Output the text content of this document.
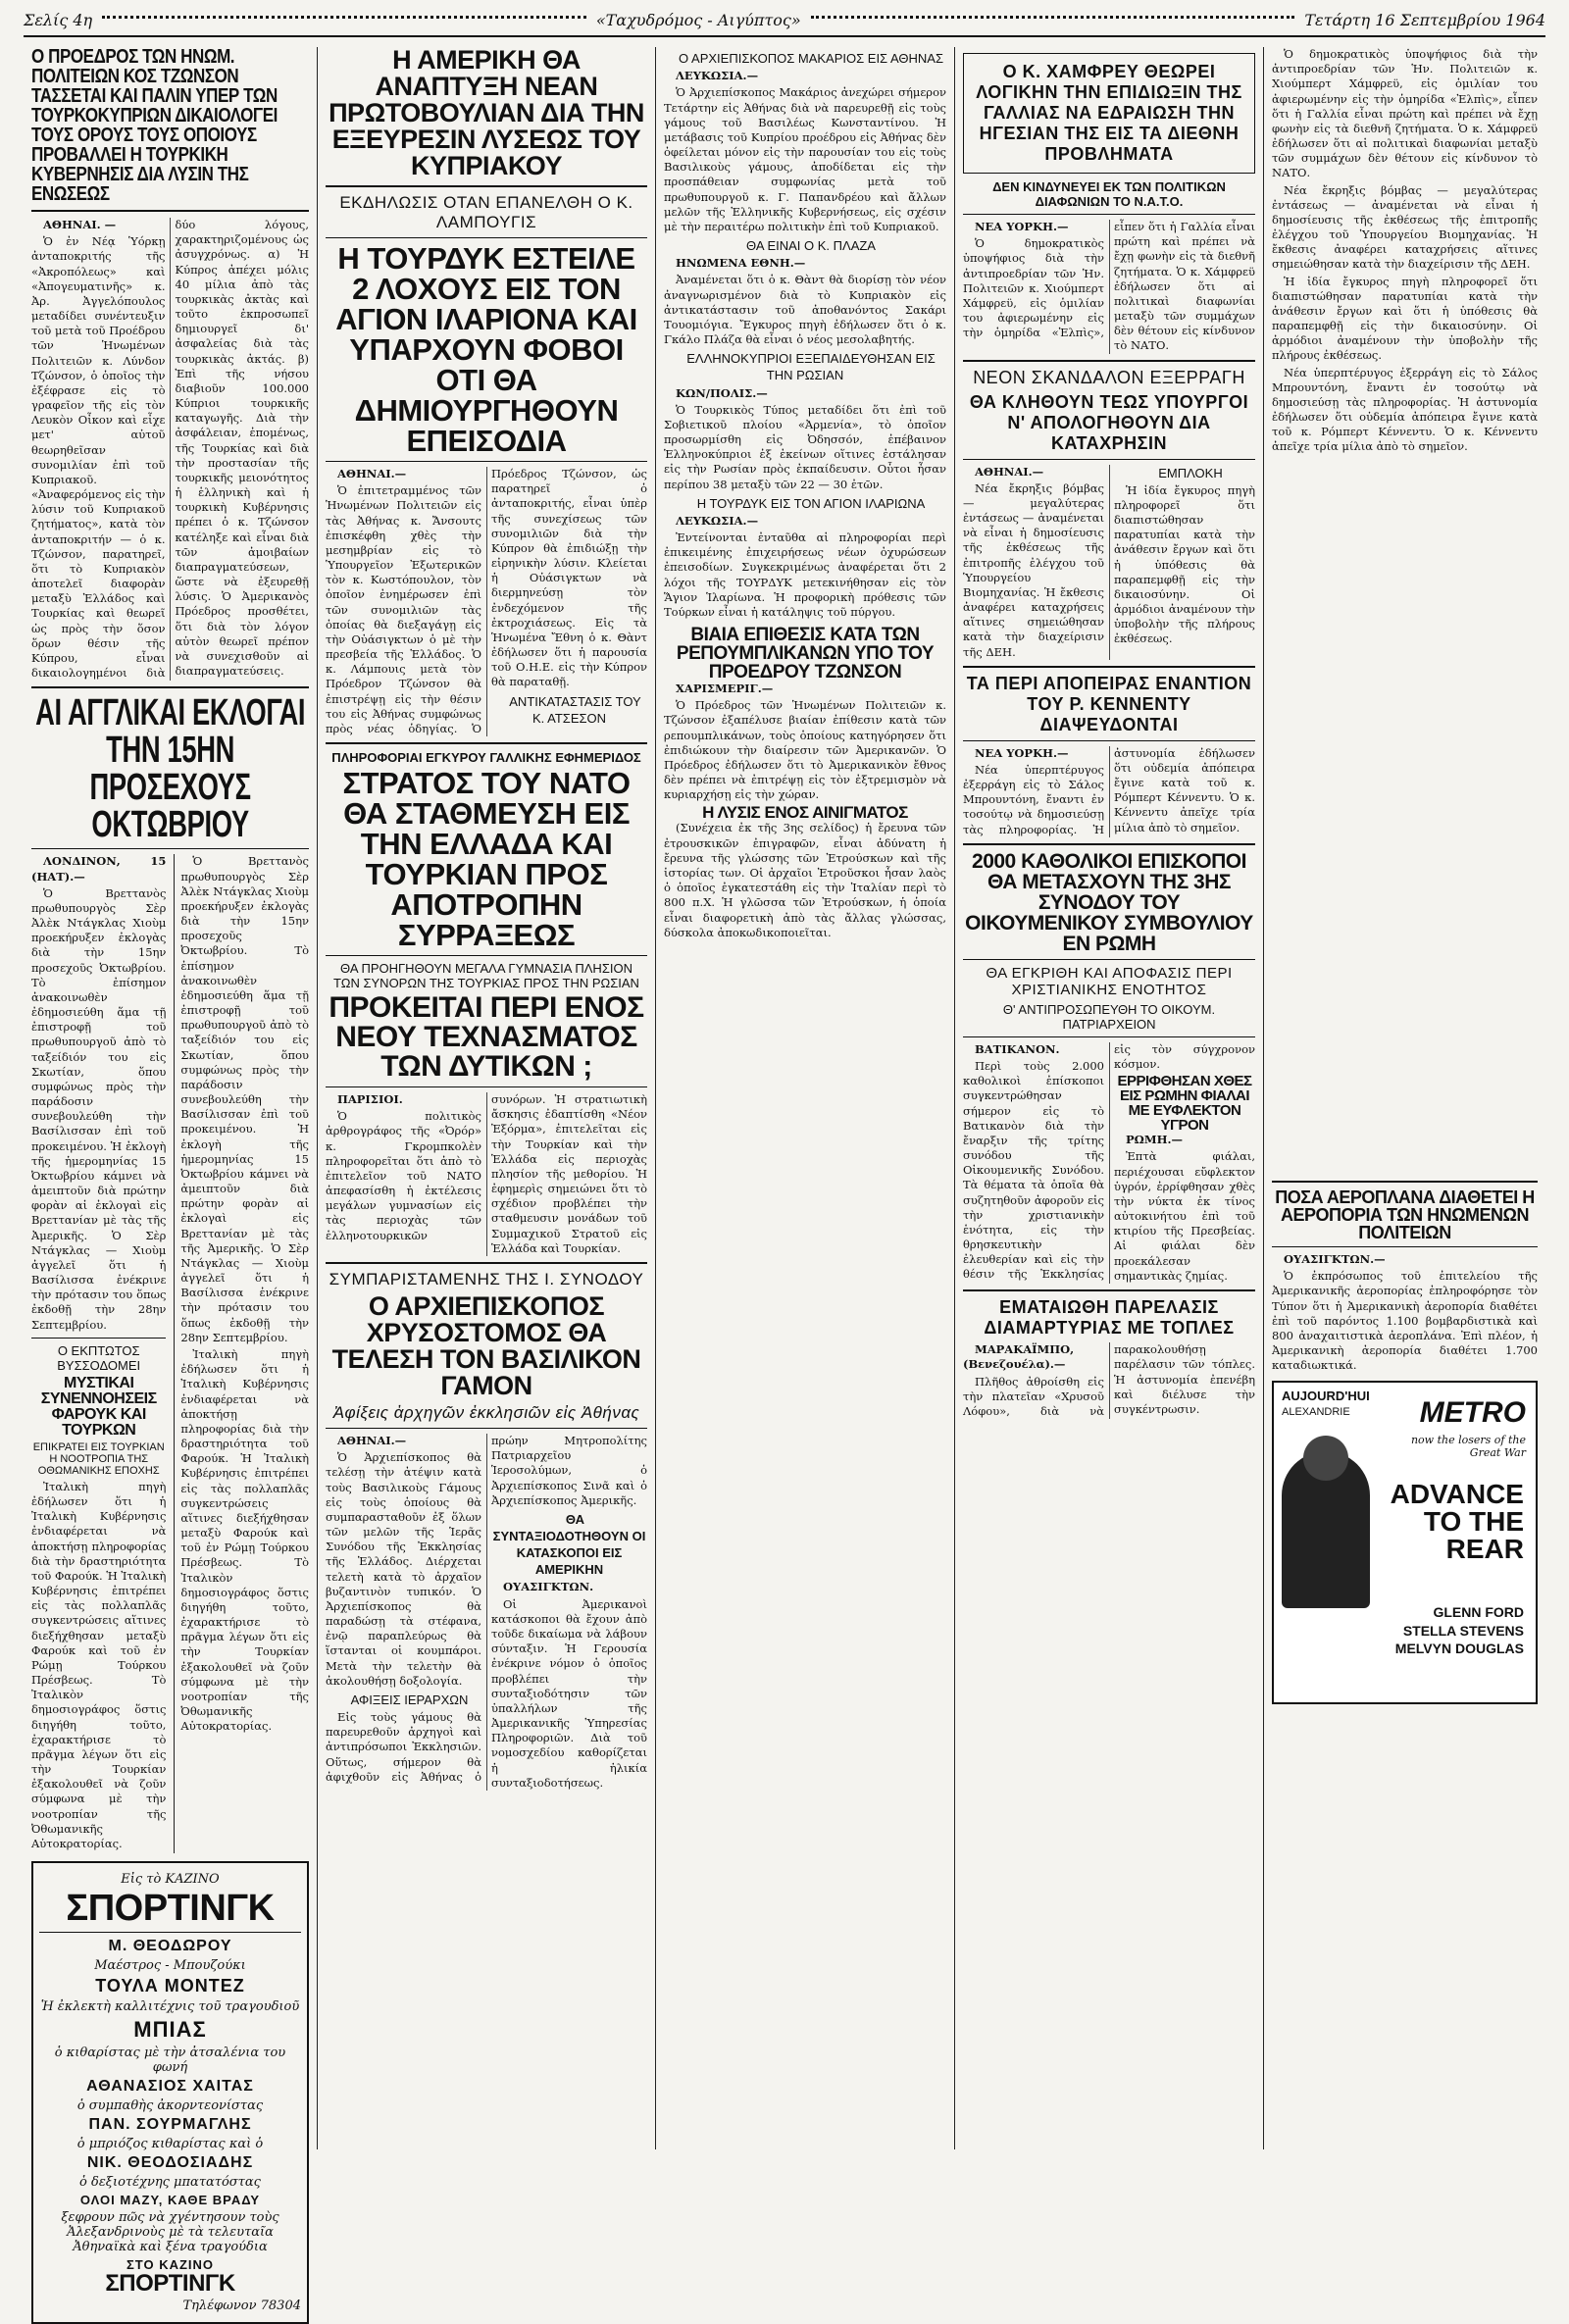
Σελίς 4η	«Ταχυδρόμος - Αιγύπτος»	Τετάρτη 16 Σεπτεμβρίου 1964
Ο ΠΡΟΕΔΡΟΣ ΤΩΝ ΗΝΩΜ. ΠΟΛΙΤΕΙΩΝ ΚΟΣ ΤΖΩΝΣΟΝ ΤΑΣΣΕΤΑΙ ΚΑΙ ΠΑΛΙΝ ΥΠΕΡ ΤΩΝ ΤΟΥΡΚΟΚΥΠΡΙΩΝ ΔΙΚΑΙΟΛΟΓΕΙ ΤΟΥΣ ΟΡΟΥΣ ΤΟΥΣ ΟΠΟΙΟΥΣ ΠΡΟΒΑΛΛΕΙ Η ΤΟΥΡΚΙΚΗ ΚΥΒΕΡΝΗΣΙΣ ΔΙΑ ΛΥΣΙΝ ΤΗΣ ΕΝΩΣΕΩΣ

ΑΘΗΝΑΙ. —

Ὁ ἐν Νέᾳ Ὑόρκῃ ἀνταποκριτής τῆς «Ἀκροπόλεως» καὶ «Ἀπογευματινῆς» κ. Ἀρ. Ἀγγελόπουλος μεταδίδει συνέντευξιν τοῦ μετὰ τοῦ Προέδρου τῶν Ἡνωμένων Πολιτειῶν κ. Λύνδον Τζώνσον, ὁ ὁποῖος τὴν ἐξέφρασε εἰς τὸ γραφεῖον τῆς εἰς τὸν Λευκὸν Οἶκον καὶ εἶχε μετ' αὐτοῦ θεωρηθεῖσαν συνομιλίαν ἐπὶ τοῦ Κυπριακοῦ. «Ἀναφερόμενος εἰς τὴν λύσιν τοῦ Κυπριακοῦ ζητήματος», κατὰ τὸν ἀνταποκριτήν — ὁ κ. Τζώνσον, παρατηρεῖ, ὅτι τὸ Κυπριακὸν ἀποτελεῖ διαφορὰν μεταξὺ Ἑλλάδος καὶ Τουρκίας καὶ θεωρεῖ ὡς πρὸς τὴν ὅσον ὅρων θέσιν τῆς Κύπρου, εἶναι δικαιολογημένοι διὰ δύο λόγους, χαρακτηριζομένους ὡς ἀσυγχρόνως. α) Ἡ Κύπρος ἀπέχει μόλις 40 μίλια ἀπὸ τὰς τουρκικὰς ἀκτὰς καὶ τοῦτο ἐκπροσωπεῖ δημιουργεῖ δι' ἀσφαλείας διὰ τὰς τουρκικὰς ἀκτάς. β) Ἐπὶ τῆς νήσου διαβιοῦν 100.000 Κύπριοι τουρκικῆς καταγωγῆς. Διὰ τὴν ἀσφάλειαν, ἐπομένως, τῆς Τουρκίας καὶ διὰ τὴν προστασίαν τῆς τουρκικῆς μειονότητος ἡ ἑλληνικὴ καὶ ἡ τουρκικὴ Κυβέρνησις πρέπει ὁ κ. Τζώνσον κατέληξε καὶ εἶναι διὰ τῶν ἀμοιβαίων διαπραγματεύσεων, ὥστε νὰ ἐξευρεθῇ λύσις. Ὁ Ἀμερικανὸς Πρόεδρος προσθέτει, ὅτι διὰ τὸν λόγον αὐτὸν θεωρεῖ πρέπον νὰ συνεχισθοῦν αἱ διαπραγματεύσεις.

ΑΙ ΑΓΓΛΙΚΑΙ ΕΚΛΟΓΑΙ ΤΗΝ 15ΗΝ ΠΡΟΣΕΧΟΥΣ ΟΚΤΩΒΡΙΟΥ

ΛΟΝΔΙΝΟΝ, 15 (ΗΑΤ).—

Ὁ Βρεττανὸς πρωθυπουργὸς Σὲρ Ἀλὲκ Ντάγκλας Χιοὺμ προεκήρυξεν ἐκλογὰς διὰ τὴν 15ην προσεχοῦς Ὀκτωβρίου. Τὸ ἐπίσημον ἀνακοινωθὲν ἐδημοσιεύθη ἅμα τῇ ἐπιστροφῇ τοῦ πρωθυπουργοῦ ἀπὸ τὸ ταξείδιόν του εἰς Σκωτίαν, ὅπου συμφώνως πρὸς τὴν παράδοσιν συνεβουλεύθη τὴν Βασίλισσαν ἐπὶ τοῦ προκειμένου. Ἡ ἐκλογὴ τῆς ἡμερομηνίας 15 Ὀκτωβρίου κάμνει νὰ ἀμειπτοῦν διὰ πρώτην φορὰν αἱ ἐκλογαὶ εἰς Βρεττανίαν μὲ τὰς τῆς Ἀμερικῆς. Ὁ Σὲρ Ντάγκλας — Χιοὺμ ἀγγελεῖ ὅτι ἡ Βασίλισσα ἐνέκρινε τὴν πρότασιν του ὅπως ἐκδοθῇ τὴν 28ην Σεπτεμβρίου.

Ο ΕΚΠΤΩΤΟΣ ΒΥΣΣΟΔΟΜΕΙ
ΜΥΣΤΙΚΑΙ ΣΥΝΕΝΝΟΗΣΕΙΣ ΦΑΡΟΥΚ ΚΑΙ ΤΟΥΡΚΩΝ
ΕΠΙΚΡΑΤΕΙ ΕΙΣ ΤΟΥΡΚΙΑΝ Η ΝΟΟΤΡΟΠΙΑ ΤΗΣ ΟΘΩΜΑΝΙΚΗΣ ΕΠΟΧΗΣ

Ἰταλικὴ πηγὴ ἐδήλωσεν ὅτι ἡ Ἰταλικὴ Κυβέρνησις ἐνδιαφέρεται νὰ ἀποκτήσῃ πληροφορίας διὰ τὴν δραστηριότητα τοῦ Φαρούκ. Ἡ Ἰταλικὴ Κυβέρνησις ἐπιτρέπει εἰς τὰς πολλαπλᾶς συγκεντρώσεις αἵτινες διεξήχθησαν μεταξὺ Φαρούκ καὶ τοῦ ἐν Ρώμῃ Τούρκου Πρέσβεως. Τὸ Ἰταλικὸν δημοσιογράφος ὅστις διηγήθη τοῦτο, ἐχαρακτήρισε τὸ πρᾶγμα λέγων ὅτι εἰς τὴν Τουρκίαν ἐξακολουθεῖ νὰ ζοῦν σύμφωνα μὲ τὴν νοοτροπίαν τῆς Ὀθωμανικῆς Αὐτοκρατορίας.

Ὁ Βρεττανὸς πρωθυπουργὸς Σὲρ Ἀλὲκ Ντάγκλας Χιοὺμ προεκήρυξεν ἐκλογὰς διὰ τὴν 15ην προσεχοῦς Ὀκτωβρίου. Τὸ ἐπίσημον ἀνακοινωθὲν ἐδημοσιεύθη ἅμα τῇ ἐπιστροφῇ τοῦ πρωθυπουργοῦ ἀπὸ τὸ ταξείδιόν του εἰς Σκωτίαν, ὅπου συμφώνως πρὸς τὴν παράδοσιν συνεβουλεύθη τὴν Βασίλισσαν ἐπὶ τοῦ προκειμένου. Ἡ ἐκλογὴ τῆς ἡμερομηνίας 15 Ὀκτωβρίου κάμνει νὰ ἀμειπτοῦν διὰ πρώτην φορὰν αἱ ἐκλογαὶ εἰς Βρεττανίαν μὲ τὰς τῆς Ἀμερικῆς. Ὁ Σὲρ Ντάγκλας — Χιοὺμ ἀγγελεῖ ὅτι ἡ Βασίλισσα ἐνέκρινε τὴν πρότασιν του ὅπως ἐκδοθῇ τὴν 28ην Σεπτεμβρίου.

Ἰταλικὴ πηγὴ ἐδήλωσεν ὅτι ἡ Ἰταλικὴ Κυβέρνησις ἐνδιαφέρεται νὰ ἀποκτήσῃ πληροφορίας διὰ τὴν δραστηριότητα τοῦ Φαρούκ. Ἡ Ἰταλικὴ Κυβέρνησις ἐπιτρέπει εἰς τὰς πολλαπλᾶς συγκεντρώσεις αἵτινες διεξήχθησαν μεταξὺ Φαρούκ καὶ τοῦ ἐν Ρώμῃ Τούρκου Πρέσβεως. Τὸ Ἰταλικὸν δημοσιογράφος ὅστις διηγήθη τοῦτο, ἐχαρακτήρισε τὸ πρᾶγμα λέγων ὅτι εἰς τὴν Τουρκίαν ἐξακολουθεῖ νὰ ζοῦν σύμφωνα μὲ τὴν νοοτροπίαν τῆς Ὀθωμανικῆς Αὐτοκρατορίας.

Εἰς τὸ ΚΑΖΙΝΟ
ΣΠΟΡΤΙΝΓΚ
Μ. ΘΕΟΔΩΡΟΥ
Μαέστρος - Μπουζούκι
ΤΟΥΛΑ ΜΟΝΤΕΖ
Ἡ ἐκλεκτὴ καλλιτέχνις τοῦ τραγουδιοῦ
ΜΠΙΑΣ
ὁ κιθαρίστας μὲ τὴν ἀτσαλένια του φωνή
ΑΘΑΝΑΣΙΟΣ ΧΑΙΤΑΣ
ὁ συμπαθὴς ἀκορντεονίστας
ΠΑΝ. ΣΟΥΡΜΑΓΛΗΣ
ὁ μπριόζος κιθαρίστας καὶ ὁ
ΝΙΚ. ΘΕΟΔΟΣΙΑΔΗΣ
ὁ δεξιοτέχνης μπατατόστας
ΟΛΟΙ ΜΑΖΥ, ΚΑΘΕ ΒΡΑΔΥ
ξεφρουν πῶς νὰ χγέντησουν τοὺς Ἀλεξανδρινοὺς μὲ τὰ τελευταῖα Ἀθηναϊκὰ καὶ ξένα τραγούδια
ΣΤΟ ΚΑΖΙΝΟ
ΣΠΟΡΤΙΝΓΚ
Τηλέφωνον 78304
Η ΑΜΕΡΙΚΗ ΘΑ ΑΝΑΠΤΥΞΗ ΝΕΑΝ ΠΡΩΤΟΒΟΥΛΙΑΝ ΔΙΑ ΤΗΝ ΕΞΕΥΡΕΣΙΝ ΛΥΣΕΩΣ ΤΟΥ ΚΥΠΡΙΑΚΟΥ
ΕΚΔΗΛΩΣΙΣ ΟΤΑΝ ΕΠΑΝΕΛΘΗ Ο Κ. ΛΑΜΠΟΥΓΙΣ
Η ΤΟΥΡΔΥΚ ΕΣΤΕΙΛΕ 2 ΛΟΧΟΥΣ ΕΙΣ ΤΟΝ ΑΓΙΟΝ ΙΛΑΡΙΟΝΑ ΚΑΙ ΥΠΑΡΧΟΥΝ ΦΟΒΟΙ ΟΤΙ ΘΑ ΔΗΜΙΟΥΡΓΗΘΟΥΝ ΕΠΕΙΣΟΔΙΑ

ΑΘΗΝΑΙ.—

Ὁ ἐπιτετραμμένος τῶν Ἡνωμένων Πολιτειῶν εἰς τὰς Ἀθήνας κ. Ἄνσουτς ἐπισκέφθη χθὲς τὴν μεσημβρίαν εἰς τὸ Ὑπουργεῖον Ἐξωτερικῶν τὸν κ. Κωστόπουλον, τὸν ὁποῖον ἐνημέρωσεν ἐπὶ τῶν συνομιλιῶν τὰς ὁποίας θὰ διεξαγάγῃ εἰς τὴν Οὐάσιγκτων ὁ μὲ τὴν πρεσβεία τῆς Ἑλλάδος. Ὁ κ. Λάμπουις μετὰ τὸν Πρόεδρον Τζώνσον θὰ ἐπιστρέψῃ εἰς τὴν θέσιν του εἰς Ἀθήνας συμφώνως πρὸς νέας ὁδηγίας. Ὁ Πρόεδρος Τζώνσον, ὡς παρατηρεῖ ὁ ἀνταποκριτής, εἶναι ὑπὲρ τῆς συνεχίσεως τῶν συνομιλιῶν διὰ τὴν Κύπρον θὰ ἐπιδιώξῃ τὴν εἰρηνικὴν λύσιν. Κλείεται ἡ Οὐάσιγκτων νὰ διερμηνεύσῃ τὸν ἐνδεχόμενον τῆς ἐκτροχιάσεως. Εἰς τὰ Ἡνωμένα Ἔθνη ὁ κ. Θὰντ ἐδήλωσεν ὅτι ἡ παρουσία τοῦ Ο.Η.Ε. εἰς τὴν Κύπρον θὰ παραταθῇ.

ΑΝΤΙΚΑΤΑΣΤΑΣΙΣ ΤΟΥ Κ. ΑΤΣΕΣΟΝ

ΠΛΗΡΟΦΟΡΙΑΙ ΕΓΚΥΡΟΥ ΓΑΛΛΙΚΗΣ ΕΦΗΜΕΡΙΔΟΣ
ΣΤΡΑΤΟΣ ΤΟΥ ΝΑΤΟ ΘΑ ΣΤΑΘΜΕΥΣΗ ΕΙΣ ΤΗΝ ΕΛΛΑΔΑ ΚΑΙ ΤΟΥΡΚΙΑΝ ΠΡΟΣ ΑΠΟΤΡΟΠΗΝ ΣΥΡΡΑΞΕΩΣ
ΘΑ ΠΡΟΗΓΗΘΟΥΝ ΜΕΓΑΛΑ ΓΥΜΝΑΣΙΑ ΠΛΗΣΙΟΝ ΤΩΝ ΣΥΝΟΡΩΝ ΤΗΣ ΤΟΥΡΚΙΑΣ ΠΡΟΣ ΤΗΝ ΡΩΣΙΑΝ
ΠΡΟΚΕΙΤΑΙ ΠΕΡΙ ΕΝΟΣ ΝΕΟΥ ΤΕΧΝΑΣΜΑΤΟΣ ΤΩΝ ΔΥΤΙΚΩΝ ;

ΠΑΡΙΣΙΟΙ.

Ὁ πολιτικὸς ἀρθρογράφος τῆς «Ὀρόρ» κ. Γκρομπκολὲν πληροφορεῖται ὅτι ἀπὸ τὸ ἐπιτελεῖον τοῦ ΝΑΤΟ ἀπεφασίσθη ἡ ἐκτέλεσις μεγάλων γυμνασίων εἰς τὰς περιοχὰς τῶν ἑλληνοτουρκικῶν συνόρων. Ἡ στρατιωτικὴ ἄσκησις ἐδαπτίσθη «Νέον Ἐξόρμα», ἐπιτελεῖται εἰς τὴν Τουρκίαν καὶ τὴν Ἑλλάδα εἰς περιοχὰς πλησίον τῆς μεθορίου. Ἡ ἐφημερὶς σημειώνει ὅτι τὸ σχέδιον προβλέπει τὴν σταθμευσιν μονάδων τοῦ Συμμαχικοῦ Στρατοῦ εἰς Ἑλλάδα καὶ Τουρκίαν.

ΣΥΜΠΑΡΙΣΤΑΜΕΝΗΣ ΤΗΣ Ι. ΣΥΝΟΔΟΥ
Ο ΑΡΧΙΕΠΙΣΚΟΠΟΣ ΧΡΥΣΟΣΤΟΜΟΣ ΘΑ ΤΕΛΕΣΗ ΤΟΝ ΒΑΣΙΛΙΚΟΝ ΓΑΜΟΝ
Ἀφίξεις ἀρχηγῶν ἐκκλησιῶν εἰς Ἀθήνας

ΑΘΗΝΑΙ.—

Ὁ Ἀρχιεπίσκοπος θὰ τελέσῃ τὴν ἀτέψιν κατὰ τοὺς Βασιλικοὺς Γάμους εἰς τοὺς ὁποίους θὰ συμπαρασταθοῦν ἐξ ὅλων τῶν μελῶν τῆς Ἱερᾶς Συνόδου τῆς Ἐκκλησίας τῆς Ἑλλάδος. Διέρχεται τελετὴ κατὰ τὸ ἀρχαῖον βυζαντινὸν τυπικόν. Ὁ Ἀρχιεπίσκοπος θὰ παραδώσῃ τὰ στέφανα, ἐνῷ παραπλεύρως θὰ ἵστανται οἱ κουμπάροι. Μετὰ τὴν τελετὴν θὰ ἀκολουθήσῃ δοξολογία.

ΑΦΙΞΕΙΣ ΙΕΡΑΡΧΩΝ

Εἰς τοὺς γάμους θὰ παρευρεθοῦν ἀρχηγοὶ καὶ ἀντιπρόσωποι Ἐκκλησιῶν. Οὕτως, σήμερον θὰ ἀφιχθοῦν εἰς Ἀθήνας ὁ πρώην Μητροπολίτης Πατριαρχεῖου Ἱεροσολύμων, ὁ Ἀρχιεπίσκοπος Σινᾶ καὶ ὁ Ἀρχιεπίσκοπος Ἀμερικῆς.

ΘΑ ΣΥΝΤΑΞΙΟΔΟΤΗΘΟΥΝ ΟΙ ΚΑΤΑΣΚΟΠΟΙ ΕΙΣ ΑΜΕΡΙΚΗΝ

ΟΥΑΣΙΓΚΤΩΝ.

Οἱ Ἀμερικανοὶ κατάσκοποι θὰ ἔχουν ἀπὸ τοῦδε δικαίωμα νὰ λάβουν σύνταξιν. Ἡ Γερουσία ἐνέκρινε νόμον ὁ ὁποῖος προβλέπει τὴν συνταξιοδότησιν τῶν ὑπαλλήλων τῆς Ἀμερικανικῆς Ὑπηρεσίας Πληροφοριῶν. Διὰ τοῦ νομοσχεδίου καθορίζεται ἡ ἡλικία συνταξιοδοτήσεως.

Ο ΑΡΧΙΕΠΙΣΚΟΠΟΣ ΜΑΚΑΡΙΟΣ ΕΙΣ ΑΘΗΝΑΣ

ΛΕΥΚΩΣΙΑ.—

Ὁ Ἀρχιεπίσκοπος Μακάριος ἀνεχώρει σήμερον Τετάρτην εἰς Ἀθήνας διὰ νὰ παρευρεθῇ εἰς τοὺς γάμους τοῦ Βασιλέως Κωνσταντίνου. Ἡ μετάβασις τοῦ Κυπρίου προέδρου εἰς Ἀθήνας δὲν ὀφείλεται μόνον εἰς τὴν παρουσίαν του εἰς τοὺς Βασιλικοὺς γάμους, ἀποδίδεται εἰς τὴν προσπάθειαν συμφωνίας μετὰ τοῦ πρωθυπουργοῦ κ. Γ. Παπανδρέου καὶ ἄλλων μελῶν τῆς Ἑλληνικῆς Κυβερνήσεως, εἰς σχέσιν μὲ τὴν περαιτέρω πολιτικὴν ἐπὶ τοῦ Κυπριακοῦ.

ΘΑ ΕΙΝΑΙ Ο Κ. ΠΛΑΖΑ

ΗΝΩΜΕΝΑ ΕΘΝΗ.—

Ἀναμένεται ὅτι ὁ κ. Θὰντ θὰ διορίσῃ τὸν νέον ἀναγνωρισμένον διὰ τὸ Κυπριακὸν εἰς ἀντικατάστασιν τοῦ ἀποθανόντος Σακάρι Τουομιόγια. Ἔγκυρος πηγὴ ἐδήλωσεν ὅτι ὁ κ. Γκάλο Πλάζα θὰ εἶναι ὁ νέος μεσολαβητής.

ΕΛΛΗΝΟΚΥΠΡΙΟΙ ΕΞΕΠΑΙΔΕΥΘΗΣΑΝ ΕΙΣ ΤΗΝ ΡΩΣΙΑΝ

ΚΩΝ/ΠΟΛΙΣ.—

Ὁ Τουρκικὸς Τύπος μεταδίδει ὅτι ἐπὶ τοῦ Σοβιετικοῦ πλοίου «Ἀρμενία», τὸ ὁποῖον προσωρμίσθη εἰς Ὀδησσόν, ἐπέβαινον Ἑλληνοκύπριοι ἐξ ἐκείνων οἵτινες ἐστάλησαν εἰς τὴν Ρωσίαν πρὸς ἐκπαίδευσιν. Οὗτοι ἦσαν περίπου 38 μεταξὺ τῶν 22 — 30 ἐτῶν.

Η ΤΟΥΡΔΥΚ ΕΙΣ ΤΟΝ ΑΓΙΟΝ ΙΛΑΡΙΩΝΑ

ΛΕΥΚΩΣΙΑ.—

Ἐντείνονται ἐνταῦθα αἱ πληροφορίαι περὶ ἐπικειμένης ἐπιχειρήσεως νέων ὀχυρώσεων ἐπεισοδίων. Συγκεκριμένως ἀναφέρεται ὅτι 2 λόχοι τῆς ΤΟΥΡΔΥΚ μετεκινήθησαν εἰς τὸν Ἅγιον Ἱλαρίωνα. Ἡ προφορικὴ πρόθεσις τῶν Τούρκων εἶναι ἡ κατάληψις τοῦ πύργου.

ΒΙΑΙΑ ΕΠΙΘΕΣΙΣ ΚΑΤΑ ΤΩΝ ΡΕΠΟΥΜΠΛΙΚΑΝΩΝ ΥΠΟ ΤΟΥ ΠΡΟΕΔΡΟΥ ΤΖΩΝΣΟΝ

ΧΑΡΙΣΜΕΡΙΓ.—

Ὁ Πρόεδρος τῶν Ἡνωμένων Πολιτειῶν κ. Τζώνσον ἐξαπέλυσε βιαίαν ἐπίθεσιν κατὰ τῶν ρεπουμπλικάνων, τοὺς ὁποίους κατηγόρησεν ὅτι ἐπιδιώκουν τὴν διαίρεσιν τῶν Ἀμερικανῶν. Ὁ Πρόεδρος ἐδήλωσεν ὅτι τὸ Ἀμερικανικὸν ἔθνος δὲν πρέπει νὰ ἐπιτρέψῃ εἰς τὸν ἐξτρεμισμὸν νὰ κυριαρχήσῃ εἰς τὴν χώραν.

Η ΛΥΣΙΣ ΕΝΟΣ ΑΙΝΙΓΜΑΤΟΣ

(Συνέχεια ἐκ τῆς 3ης σελίδος) ἡ ἔρευνα τῶν ἐτρουσκικῶν ἐπιγραφῶν, εἶναι ἀδύνατη ἡ ἔρευνα τῆς γλώσσης τῶν Ἐτρούσκων καὶ τῆς ἱστορίας των. Οἱ ἀρχαῖοι Ἐτροῦσκοι ἦσαν λαὸς ὁ ὁποῖος ἐγκατεστάθη εἰς τὴν Ἰταλίαν περὶ τὸ 800 π.Χ. Ἡ γλῶσσα τῶν Ἐτρούσκων, ἡ ὁποία εἶναι διαφορετικὴ ἀπὸ τὰς ἄλλας γλώσσας, δύσκολα ἀποκωδικοποιεῖται.

Ο Κ. ΧΑΜΦΡΕΥ ΘΕΩΡΕΙ ΛΟΓΙΚΗΝ ΤΗΝ ΕΠΙΔΙΩΞΙΝ ΤΗΣ ΓΑΛΛΙΑΣ ΝΑ ΕΔΡΑΙΩΣΗ ΤΗΝ ΗΓΕΣΙΑΝ ΤΗΣ ΕΙΣ ΤΑ ΔΙΕΘΝΗ ΠΡΟΒΛΗΜΑΤΑ
ΔΕΝ ΚΙΝΔΥΝΕΥΕΙ ΕΚ ΤΩΝ ΠΟΛΙΤΙΚΩΝ ΔΙΑΦΩΝΙΩΝ ΤΟ Ν.Α.Τ.Ο.

ΝΕΑ ΥΟΡΚΗ.—

Ὁ δημοκρατικὸς ὑποψήφιος διὰ τὴν ἀντιπροεδρίαν τῶν Ἡν. Πολιτειῶν κ. Χιούμπερτ Χάμφρεϋ, εἰς ὁμιλίαν του ἀφιερωμένην εἰς τὴν ὁμηρίδα «Ἐλπὶς», εἶπεν ὅτι ἡ Γαλλία εἶναι πρώτη καὶ πρέπει νὰ ἔχῃ φωνὴν εἰς τὰ διεθνῆ ζητήματα. Ὁ κ. Χάμφρεϋ ἐδήλωσεν ὅτι αἱ πολιτικαὶ διαφωνίαι μεταξὺ τῶν συμμάχων δὲν θέτουν εἰς κίνδυνον τὸ ΝΑΤΟ.

ΝΕΟΝ ΣΚΑΝΔΑΛΟΝ ΕΞΕΡΡΑΓΗ
ΘΑ ΚΛΗΘΟΥΝ ΤΕΩΣ ΥΠΟΥΡΓΟΙ Ν' ΑΠΟΛΟΓΗΘΟΥΝ ΔΙΑ ΚΑΤΑΧΡΗΣΙΝ

ΑΘΗΝΑΙ.—

Νέα ἔκρηξις βόμβας — μεγαλύτερας ἐντάσεως — ἀναμένεται νὰ εἶναι ἡ δημοσίευσις τῆς ἐκθέσεως τῆς ἐπιτροπῆς ἐλέγχου τοῦ Ὑπουργείου Βιομηχανίας. Ἡ ἔκθεσις ἀναφέρει καταχρήσεις αἵτινες σημειώθησαν κατὰ τὴν διαχείρισιν τῆς ΔΕΗ.

ΕΜΠΛΟΚΗ

Ἡ ἰδία ἔγκυρος πηγὴ πληροφορεῖ ὅτι διαπιστώθησαν παρατυπίαι κατὰ τὴν ἀνάθεσιν ἔργων καὶ ὅτι ἡ ὑπόθεσις θὰ παραπεμφθῇ εἰς τὴν δικαιοσύνην. Οἱ ἀρμόδιοι ἀναμένουν τὴν ὑποβολὴν τῆς πλήρους ἐκθέσεως.

ΤΑ ΠΕΡΙ ΑΠΟΠΕΙΡΑΣ ΕΝΑΝΤΙΟΝ ΤΟΥ Ρ. ΚΕΝΝΕΝΤΥ ΔΙΑΨΕΥΔΟΝΤΑΙ

ΝΕΑ ΥΟΡΚΗ.—

Νέα ὑπερπτέρυγος ἐξερράγη εἰς τὸ Σάλος Μπρουντόνη, ἔναντι ἐν τοσούτῳ νὰ δημοσιεύσῃ τὰς πληροφορίας. Ἡ ἀστυνομία ἐδήλωσεν ὅτι οὐδεμία ἀπόπειρα ἔγινε κατὰ τοῦ κ. Ρόμπερτ Κέννεντυ. Ὁ κ. Κέννεντυ ἀπεῖχε τρία μίλια ἀπὸ τὸ σημεῖον.

2000 ΚΑΘΟΛΙΚΟΙ ΕΠΙΣΚΟΠΟΙ ΘΑ ΜΕΤΑΣΧΟΥΝ ΤΗΣ 3ΗΣ ΣΥΝΟΔΟΥ ΤΟΥ ΟΙΚΟΥΜΕΝΙΚΟΥ ΣΥΜΒΟΥΛΙΟΥ ΕΝ ΡΩΜΗ
ΘΑ ΕΓΚΡΙΘΗ ΚΑΙ ΑΠΟΦΑΣΙΣ ΠΕΡΙ ΧΡΙΣΤΙΑΝΙΚΗΣ ΕΝΟΤΗΤΟΣ
Θ' ΑΝΤΙΠΡΟΣΩΠΕΥΘΗ ΤΟ ΟΙΚΟΥΜ. ΠΑΤΡΙΑΡΧΕΙΟΝ

ΒΑΤΙΚΑΝΟΝ.

Περὶ τοὺς 2.000 καθολικοὶ ἐπίσκοποι συγκεντρώθησαν σήμερον εἰς τὸ Βατικανὸν διὰ τὴν ἔναρξιν τῆς τρίτης συνόδου τῆς Οἰκουμενικῆς Συνόδου. Τὰ θέματα τὰ ὁποῖα θὰ συζητηθοῦν ἀφοροῦν εἰς τὴν χριστιανικὴν ἑνότητα, εἰς τὴν θρησκευτικὴν ἐλευθερίαν καὶ εἰς τὴν θέσιν τῆς Ἐκκλησίας εἰς τὸν σύγχρονον κόσμον.

ΕΡΡΙΦΘΗΣΑΝ ΧΘΕΣ ΕΙΣ ΡΩΜΗΝ ΦΙΑΛΑΙ ΜΕ ΕΥΦΛΕΚΤΟΝ ΥΓΡΟΝ

ΡΩΜΗ.—

Ἐπτὰ φιάλαι, περιέχουσαι εὔφλεκτον ὑγρόν, ἐρρίφθησαν χθὲς τὴν νύκτα ἐκ τίνος αὐτοκινήτου ἐπὶ τοῦ κτιρίου τῆς Πρεσβείας. Αἱ φιάλαι δὲν προεκάλεσαν σημαντικὰς ζημίας.

ΕΜΑΤΑΙΩΘΗ ΠΑΡΕΛΑΣΙΣ ΔΙΑΜΑΡΤΥΡΙΑΣ ΜΕ ΤΟΠΛΕΣ

ΜΑΡΑΚΑΪΜΠΟ, (Βενεζουέλα).—

Πλῆθος ἀθροίσθη εἰς τὴν πλατεῖαν «Χρυσοῦ Λόφου», διὰ νὰ παρακολουθήσῃ παρέλασιν τῶν τόπλες. Ἡ ἀστυνομία ἐπενέβη καὶ διέλυσε τὴν συγκέντρωσιν.

Ὁ δημοκρατικὸς ὑποψήφιος διὰ τὴν ἀντιπροεδρίαν τῶν Ἡν. Πολιτειῶν κ. Χιούμπερτ Χάμφρεϋ, εἰς ὁμιλίαν του ἀφιερωμένην εἰς τὴν ὁμηρίδα «Ἐλπὶς», εἶπεν ὅτι ἡ Γαλλία εἶναι πρώτη καὶ πρέπει νὰ ἔχῃ φωνὴν εἰς τὰ διεθνῆ ζητήματα. Ὁ κ. Χάμφρεϋ ἐδήλωσεν ὅτι αἱ πολιτικαὶ διαφωνίαι μεταξὺ τῶν συμμάχων δὲν θέτουν εἰς κίνδυνον τὸ ΝΑΤΟ.

Νέα ἔκρηξις βόμβας — μεγαλύτερας ἐντάσεως — ἀναμένεται νὰ εἶναι ἡ δημοσίευσις τῆς ἐκθέσεως τῆς ἐπιτροπῆς ἐλέγχου τοῦ Ὑπουργείου Βιομηχανίας. Ἡ ἔκθεσις ἀναφέρει καταχρήσεις αἵτινες σημειώθησαν κατὰ τὴν διαχείρισιν τῆς ΔΕΗ.

Ἡ ἰδία ἔγκυρος πηγὴ πληροφορεῖ ὅτι διαπιστώθησαν παρατυπίαι κατὰ τὴν ἀνάθεσιν ἔργων καὶ ὅτι ἡ ὑπόθεσις θὰ παραπεμφθῇ εἰς τὴν δικαιοσύνην. Οἱ ἀρμόδιοι ἀναμένουν τὴν ὑποβολὴν τῆς πλήρους ἐκθέσεως.

Νέα ὑπερπτέρυγος ἐξερράγη εἰς τὸ Σάλος Μπρουντόνη, ἔναντι ἐν τοσούτῳ νὰ δημοσιεύσῃ τὰς πληροφορίας. Ἡ ἀστυνομία ἐδήλωσεν ὅτι οὐδεμία ἀπόπειρα ἔγινε κατὰ τοῦ κ. Ρόμπερτ Κέννεντυ. Ὁ κ. Κέννεντυ ἀπεῖχε τρία μίλια ἀπὸ τὸ σημεῖον.

ΠΟΣΑ ΑΕΡΟΠΛΑΝΑ ΔΙΑΘΕΤΕΙ Η ΑΕΡΟΠΟΡΙΑ ΤΩΝ ΗΝΩΜΕΝΩΝ ΠΟΛΙΤΕΙΩΝ

ΟΥΑΣΙΓΚΤΩΝ.—

Ὁ ἐκπρόσωπος τοῦ ἐπιτελείου τῆς Ἀμερικανικῆς ἀεροπορίας ἐπληροφόρησε τὸν Τύπον ὅτι ἡ Ἀμερικανικὴ ἀεροπορία διαθέτει ἐπὶ τοῦ παρόντος 1.100 βομβαρδιστικὰ καὶ 800 ἀναχαιτιστικὰ ἀεροπλάνα. Ἐπὶ πλέον, ἡ Ἀμερικανικὴ ἀεροπορία διαθέτει 1.700 καταδιωκτικά.

AUJOURD'HUI
ALEXANDRIE METRO
now the losers of the Great War
ADVANCE TO THE REAR
GLENN FORD
STELLA STEVENS
MELVYN DOUGLAS
